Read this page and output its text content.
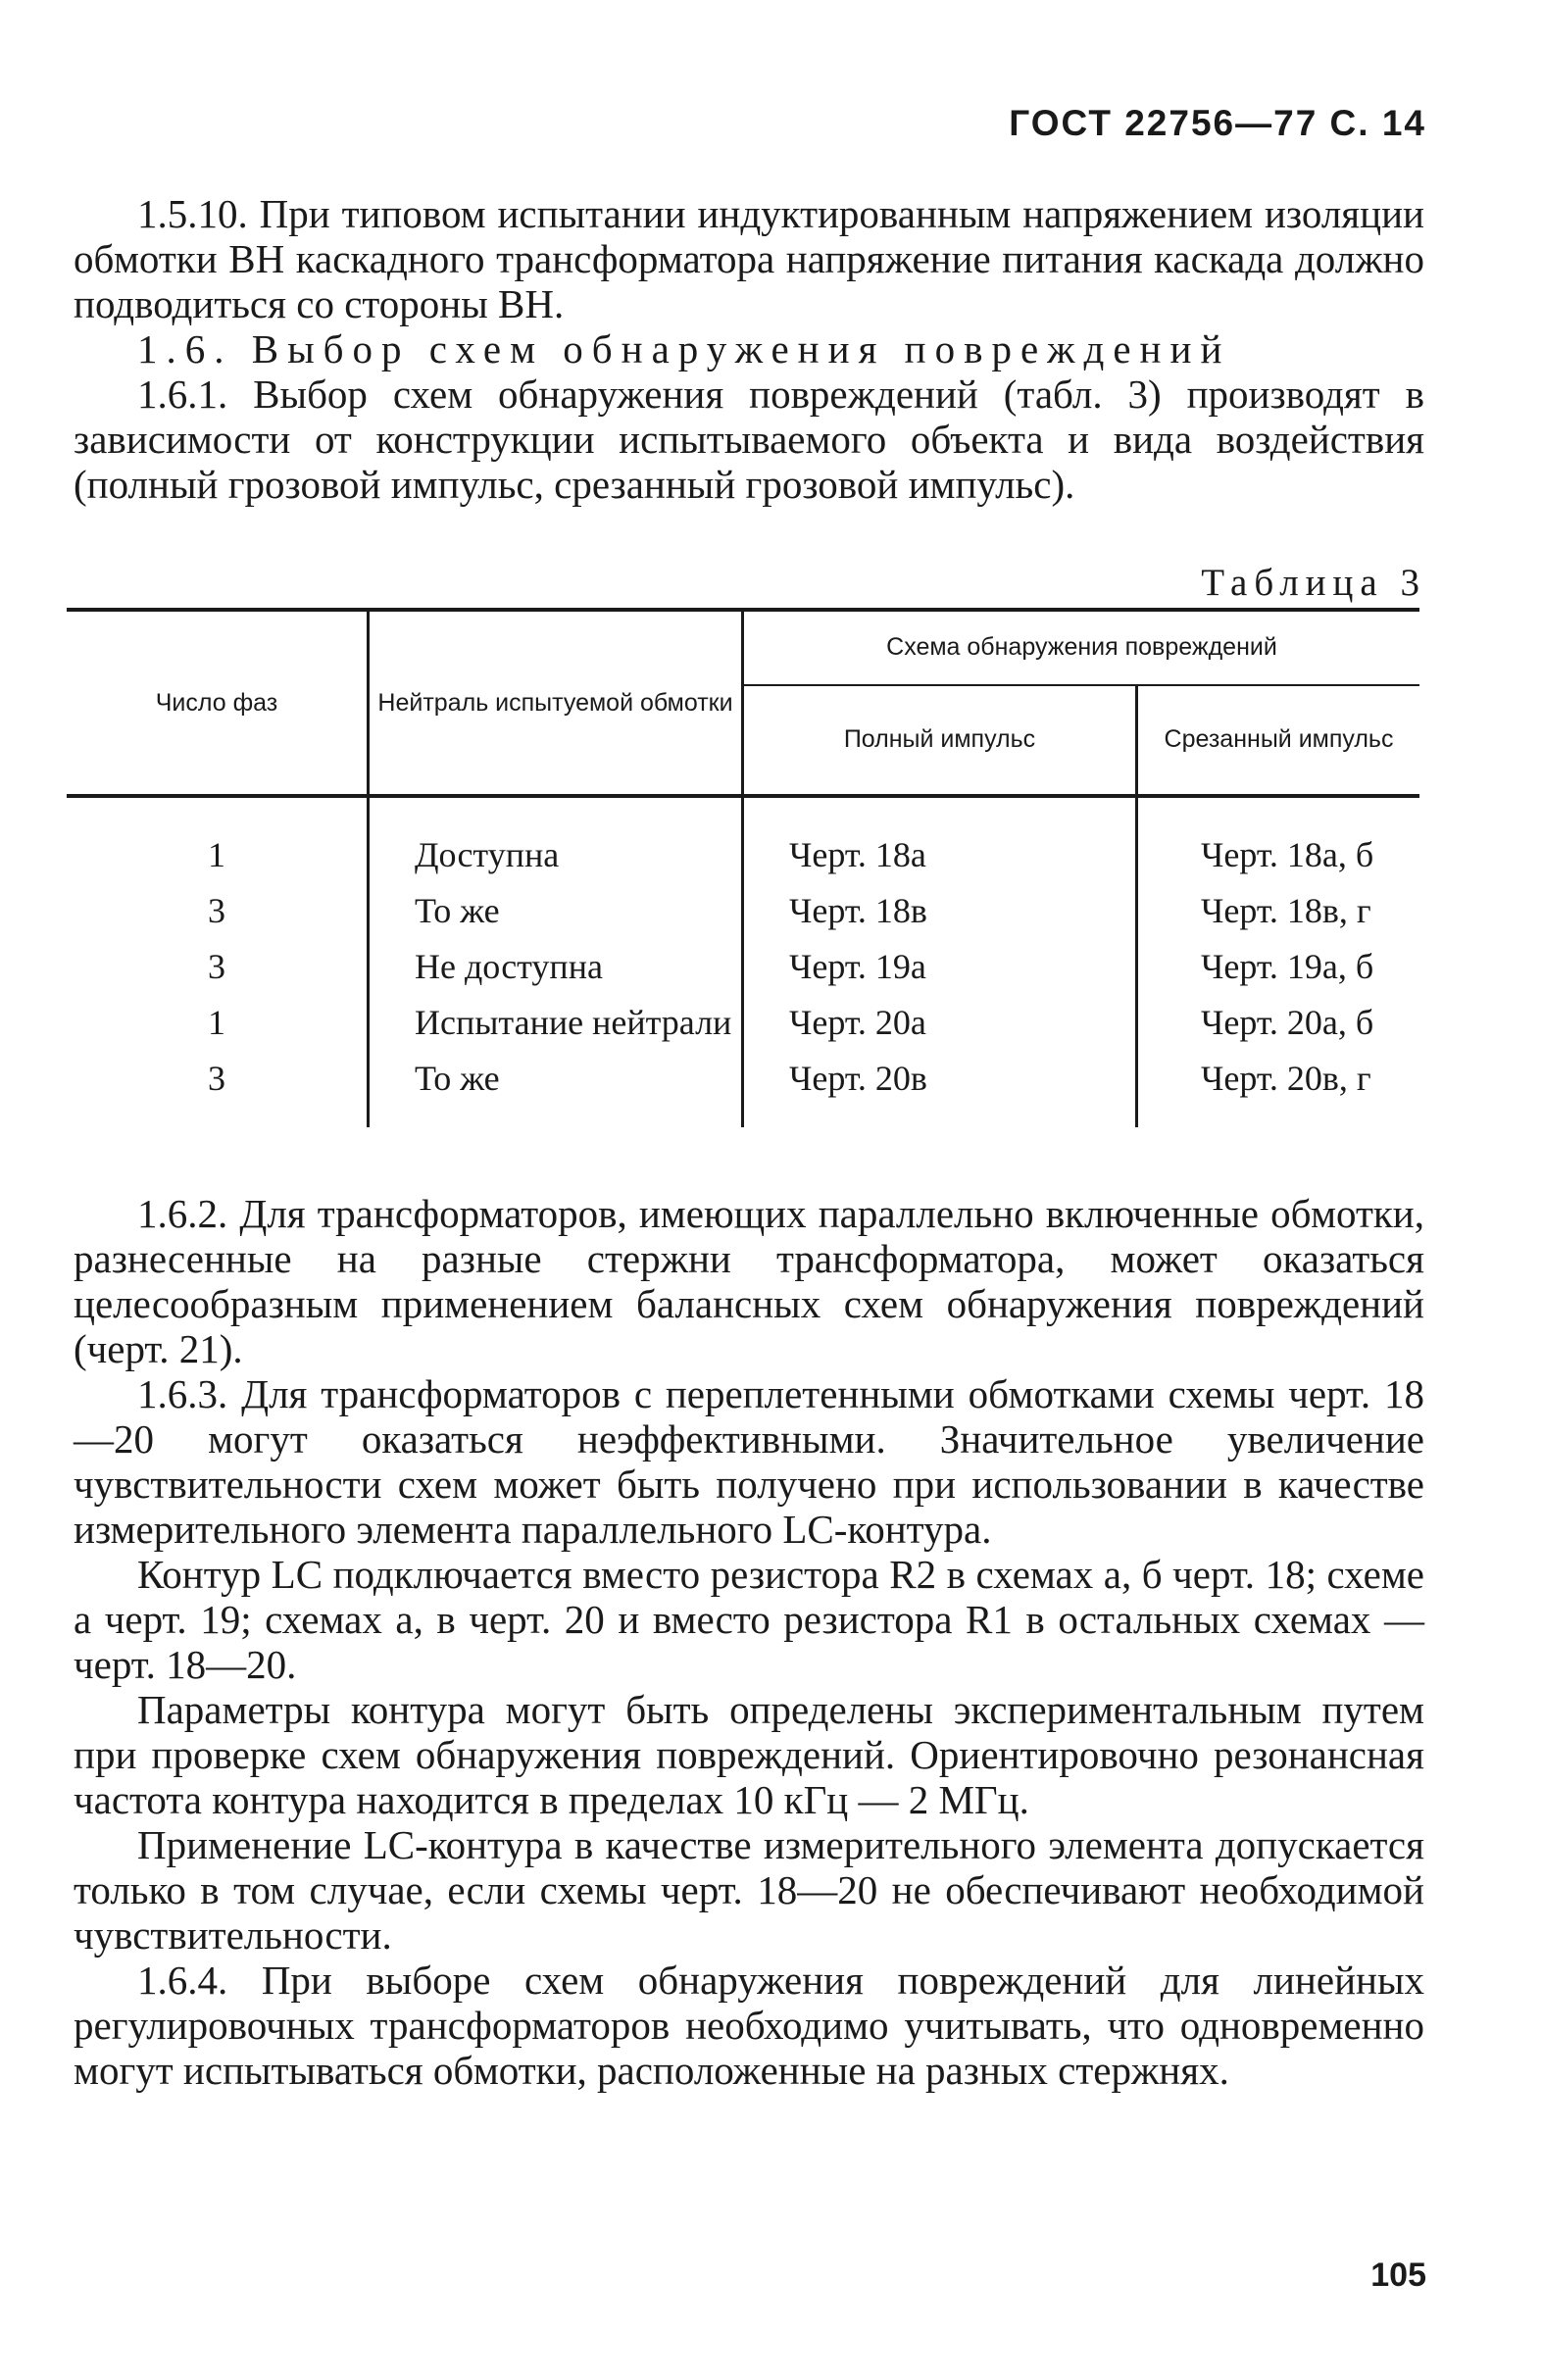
ГОСТ 22756—77 С. 14

1.5.10. При типовом испытании индуктированным напряжением изоляции обмотки ВН каскадного трансформатора напряжение питания каскада должно подводиться со стороны ВН.

1.6. Выбор схем обнаружения повреждений

1.6.1. Выбор схем обнаружения повреждений (табл. 3) производят в зависимости от конструкции испытываемого объекта и вида воздействия (полный грозовой импульс, срезанный грозовой импульс).

Таблица 3
Число фаз	Нейтраль испытуемой обмотки	Схема обнаружения повреждений	
		Полный импульс	Срезанный импульс
1	Доступна	Черт. 18а	Черт. 18а, б
3	То же	Черт. 18в	Черт. 18в, г
3	Не доступна	Черт. 19а	Черт. 19а, б
1	Испытание нейтрали	Черт. 20а	Черт. 20а, б
3	То же	Черт. 20в	Черт. 20в, г

1.6.2. Для трансформаторов, имеющих параллельно включенные обмотки, разнесенные на разные стержни трансформатора, может оказаться целесообразным применением балансных схем обнаружения повреждений (черт. 21).

1.6.3. Для трансформаторов с переплетенными обмотками схемы черт. 18—20 могут оказаться неэффективными. Значительное увеличение чувствительности схем может быть получено при использовании в качестве измерительного элемента параллельного LC-контура.

Контур LC подключается вместо резистора R2 в схемах а, б черт. 18; схеме а черт. 19; схемах а, в черт. 20 и вместо резистора R1 в остальных схемах — черт. 18—20.

Параметры контура могут быть определены экспериментальным путем при проверке схем обнаружения повреждений. Ориентировочно резонансная частота контура находится в пределах 10 кГц — 2 МГц.

Применение LC-контура в качестве измерительного элемента допускается только в том случае, если схемы черт. 18—20 не обеспечивают необходимой чувствительности.

1.6.4. При выборе схем обнаружения повреждений для линейных регулировочных трансформаторов необходимо учитывать, что одновременно могут испытываться обмотки, расположенные на разных стержнях.

105
